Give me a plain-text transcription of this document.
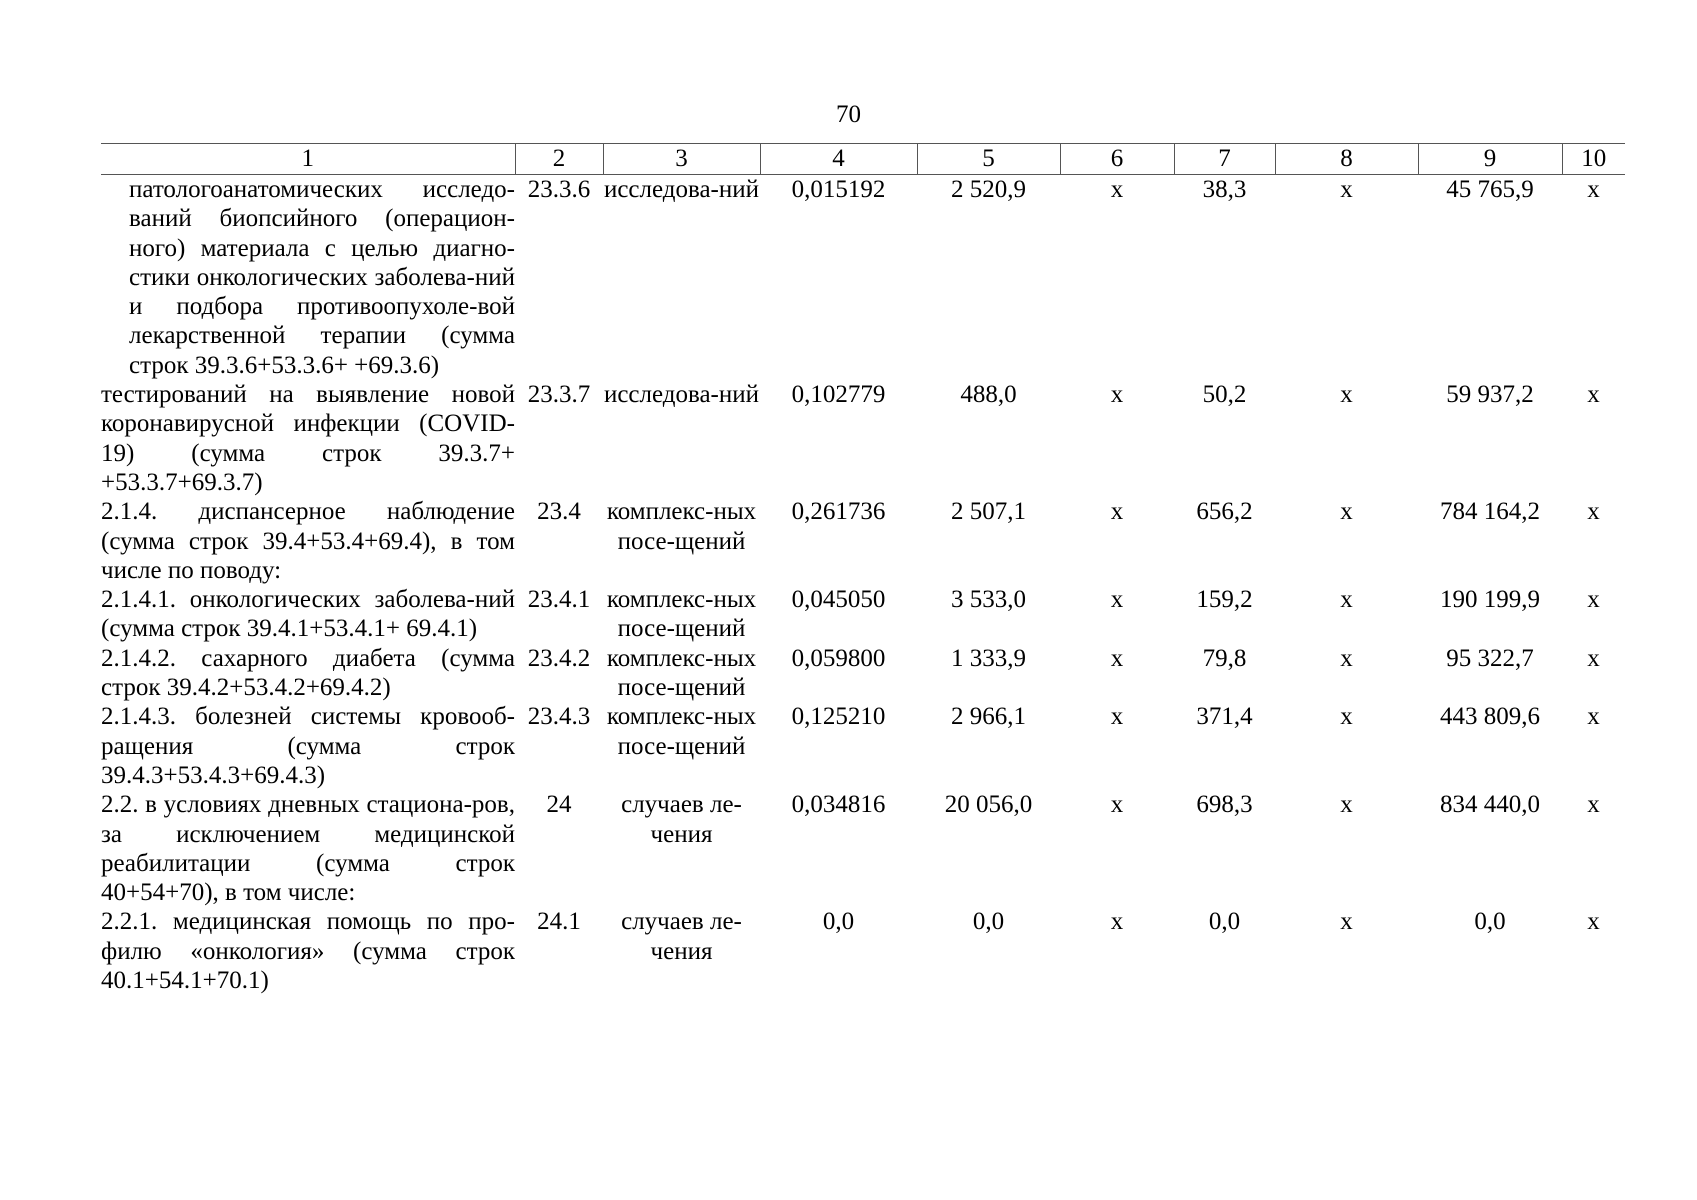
70
1	2	3	4	5	6	7	8	9	10
патологоанатомических исследо-ваний биопсийного (операцион-ного) материала с целью диагно-стики онкологических заболева-ний и подбора противоопухоле-вой лекарственной терапии (сумма строк 39.3.6+53.3.6+ +69.3.6)	23.3.6	исследова-ний	0,015192	2 520,9	х	38,3	х	45 765,9	х
тестирований на выявление новой коронавирусной инфекции (COVID-19) (сумма строк 39.3.7+ +53.3.7+69.3.7)	23.3.7	исследова-ний	0,102779	488,0	х	50,2	х	59 937,2	х
2.1.4. диспансерное наблюдение (сумма строк 39.4+53.4+69.4), в том числе по поводу:	23.4	комплекс-ных посе-щений	0,261736	2 507,1	х	656,2	х	784 164,2	х
2.1.4.1. онкологических заболева-ний (сумма строк 39.4.1+53.4.1+ 69.4.1)	23.4.1	комплекс-ных посе-щений	0,045050	3 533,0	х	159,2	х	190 199,9	х
2.1.4.2. сахарного диабета (сумма строк 39.4.2+53.4.2+69.4.2)	23.4.2	комплекс-ных посе-щений	0,059800	1 333,9	х	79,8	х	95 322,7	х
2.1.4.3. болезней системы кровооб-ращения (сумма строк 39.4.3+53.4.3+69.4.3)	23.4.3	комплекс-ных посе-щений	0,125210	2 966,1	х	371,4	х	443 809,6	х
2.2. в условиях дневных стациона-ров, за исключением медицинской реабилитации (сумма строк 40+54+70), в том числе:	24	случаев ле-чения	0,034816	20 056,0	х	698,3	х	834 440,0	х
2.2.1. медицинская помощь по про-филю «онкология» (сумма строк 40.1+54.1+70.1)	24.1	случаев ле-чения	0,0	0,0	х	0,0	х	0,0	х
